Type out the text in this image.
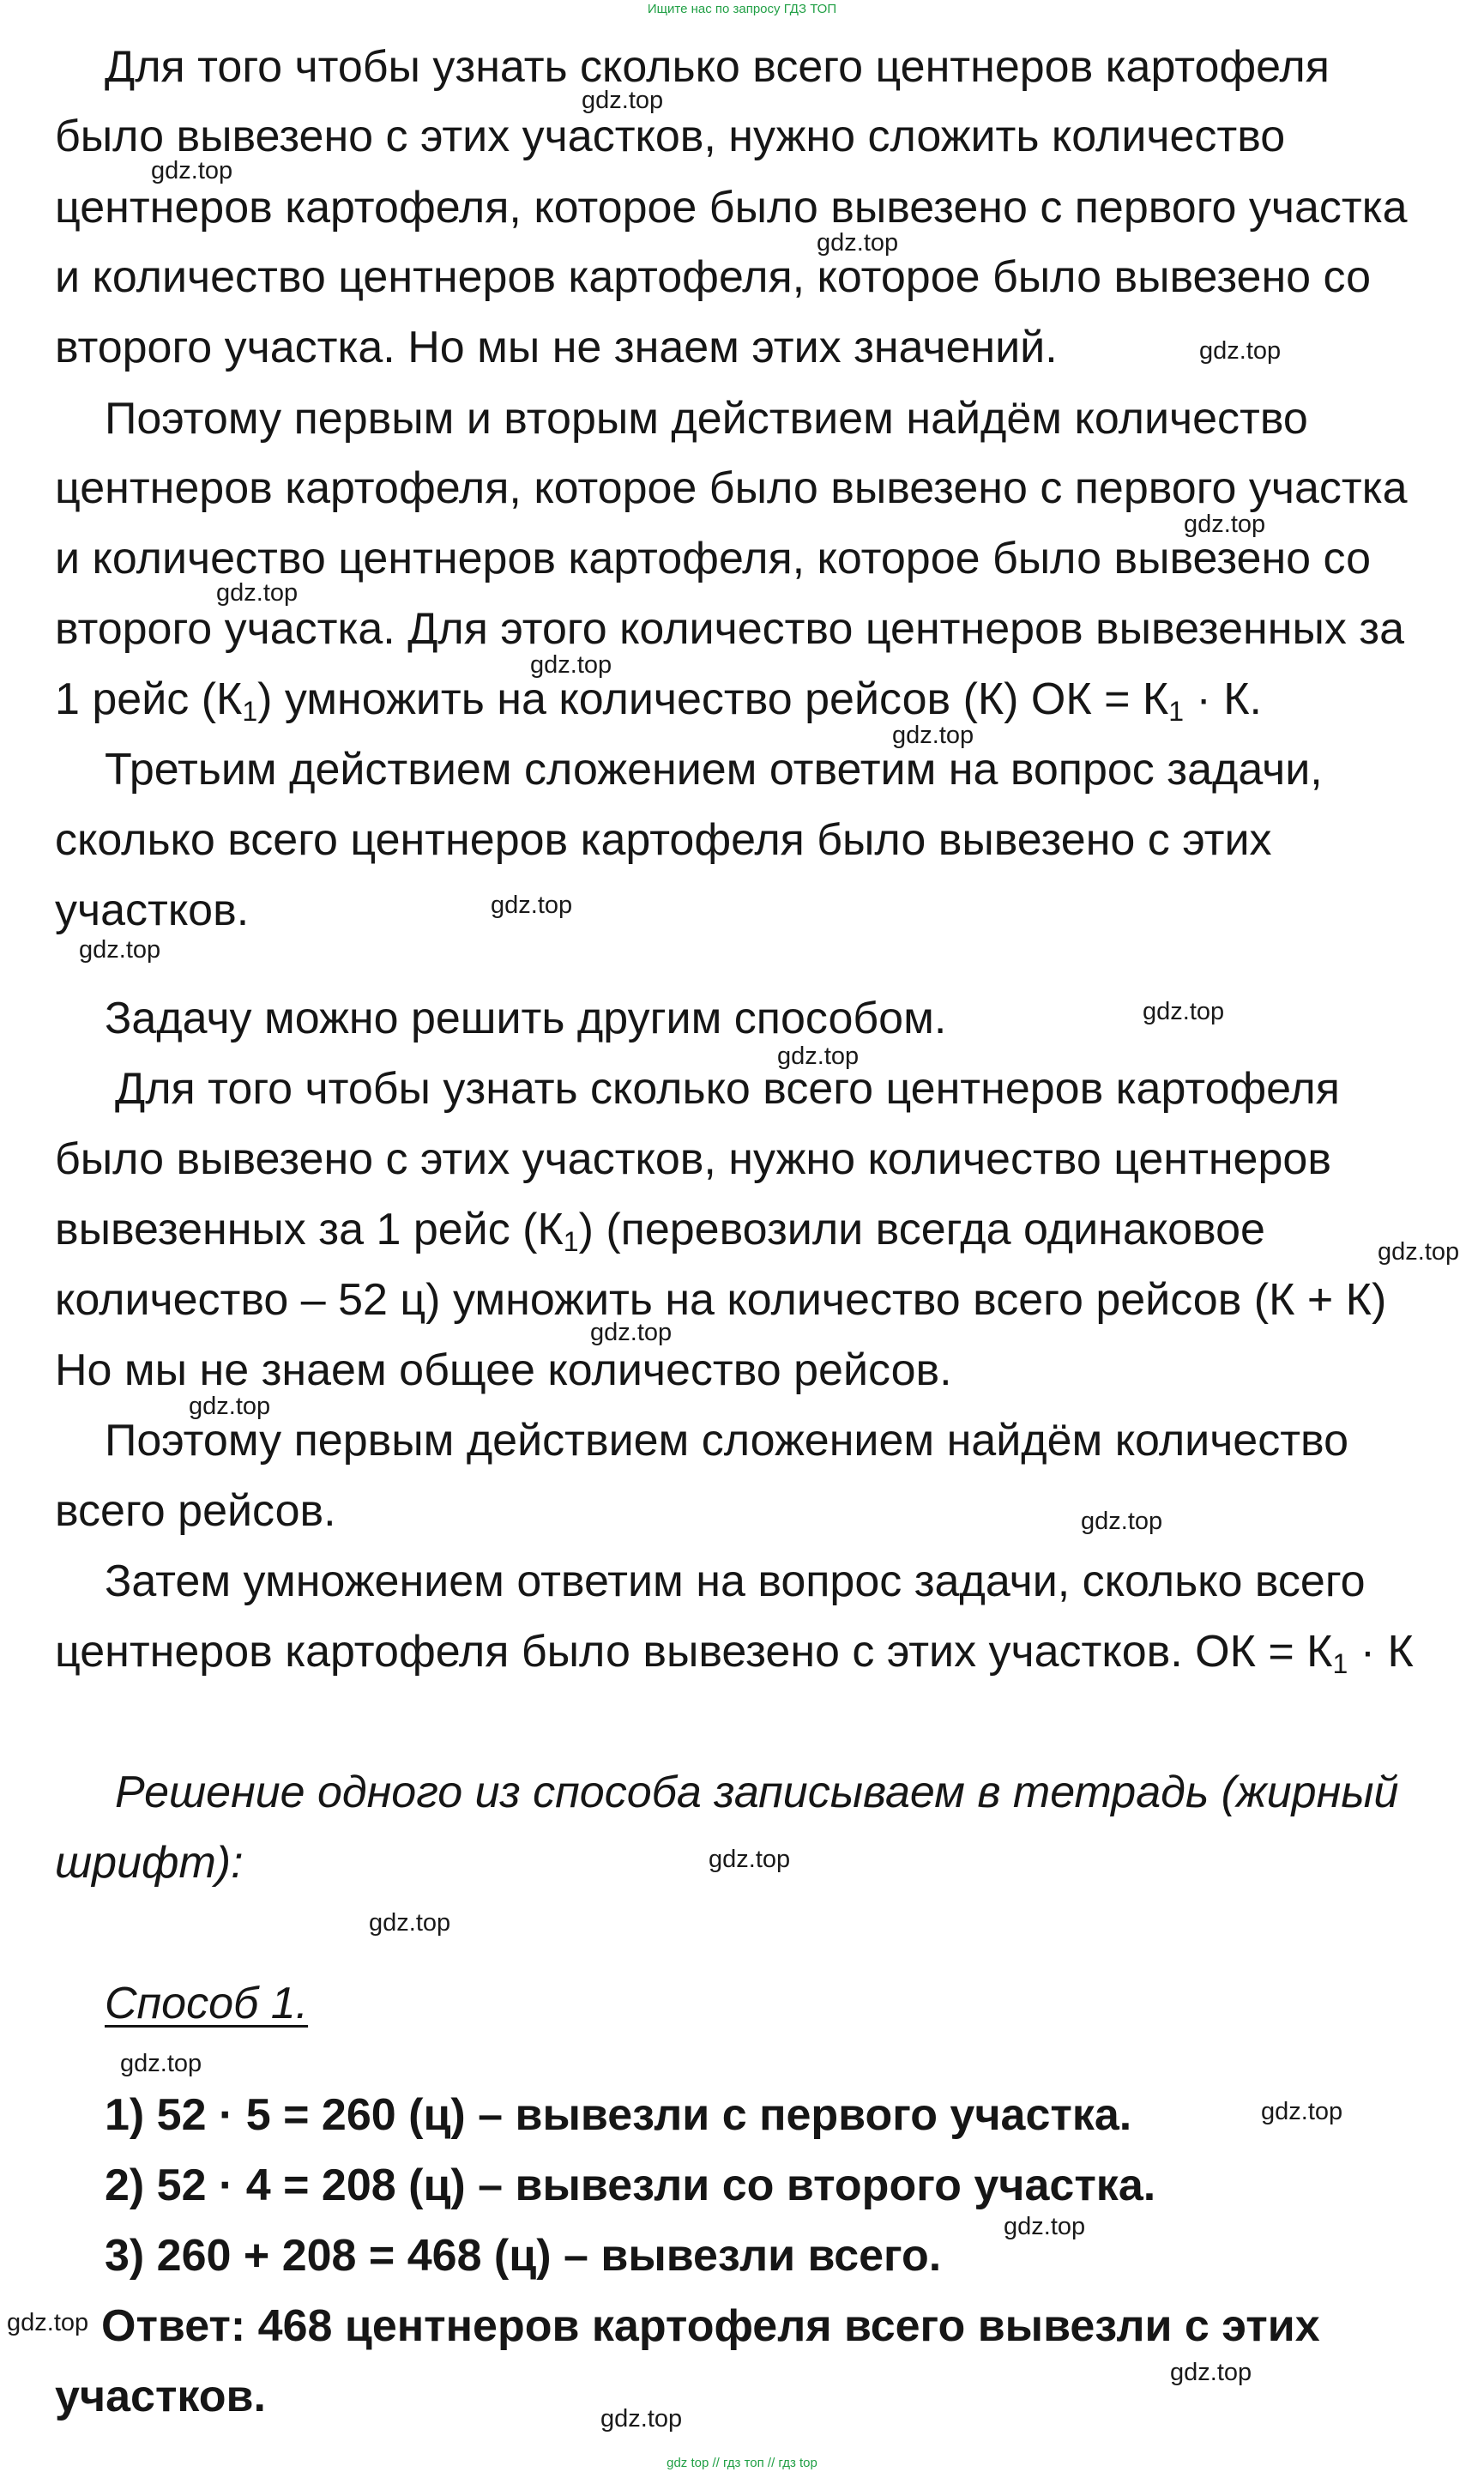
Ищите нас по запросу ГДЗ ТОП
Для того чтобы узнать сколько всего центнеров картофеля
было вывезено с этих участков, нужно сложить количество
центнеров картофеля, которое было вывезено с первого участка
и количество центнеров картофеля, которое было вывезено со
второго участка. Но мы не знаем этих значений.
Поэтому первым и вторым действием найдём количество
центнеров картофеля, которое было вывезено с первого участка
и количество центнеров картофеля, которое было вывезено со
второго участка. Для этого количество центнеров вывезенных за
1 рейс $(К_1)$ умножить на количество рейсов (К) ОК = $К_1 \cdot К$.
Третьим действием сложением ответим на вопрос задачи,
сколько всего центнеров картофеля было вывезено с этих
участков.
Задачу можно решить другим способом.
Для того чтобы узнать сколько всего центнеров картофеля
было вывезено с этих участков, нужно количество центнеров
вывезенных за 1 рейс $(К_1)$ (перевозили всегда одинаковое
количество – 52 ц) умножить на количество всего рейсов (К + К)
Но мы не знаем общее количество рейсов.
Поэтому первым действием сложением найдём количество
всего рейсов.
Затем умножением ответим на вопрос задачи, сколько всего
центнеров картофеля было вывезено с этих участков. ОК = $К_1 \cdot К$
Решение одного из способа записываем в тетрадь (жирный
шрифт):
Способ 1.
1) 52 · 5 = 260 (ц) – вывезли с первого участка.
2) 52 · 4 = 208 (ц) – вывезли со второго участка.
3) 260 + 208 = 468 (ц) – вывезли всего.
Ответ: 468 центнеров картофеля всего вывезли с этих
участков.
gdz.top
gdz.top
gdz.top
gdz.top
gdz.top
gdz.top
gdz.top
gdz.top
gdz.top
gdz.top
gdz.top
gdz.top
gdz.top
gdz.top
gdz.top
gdz.top
gdz.top
gdz.top
gdz.top
gdz.top
gdz.top
gdz.top
gdz.top
gdz.top
gdz top // гдз топ // гдз top
